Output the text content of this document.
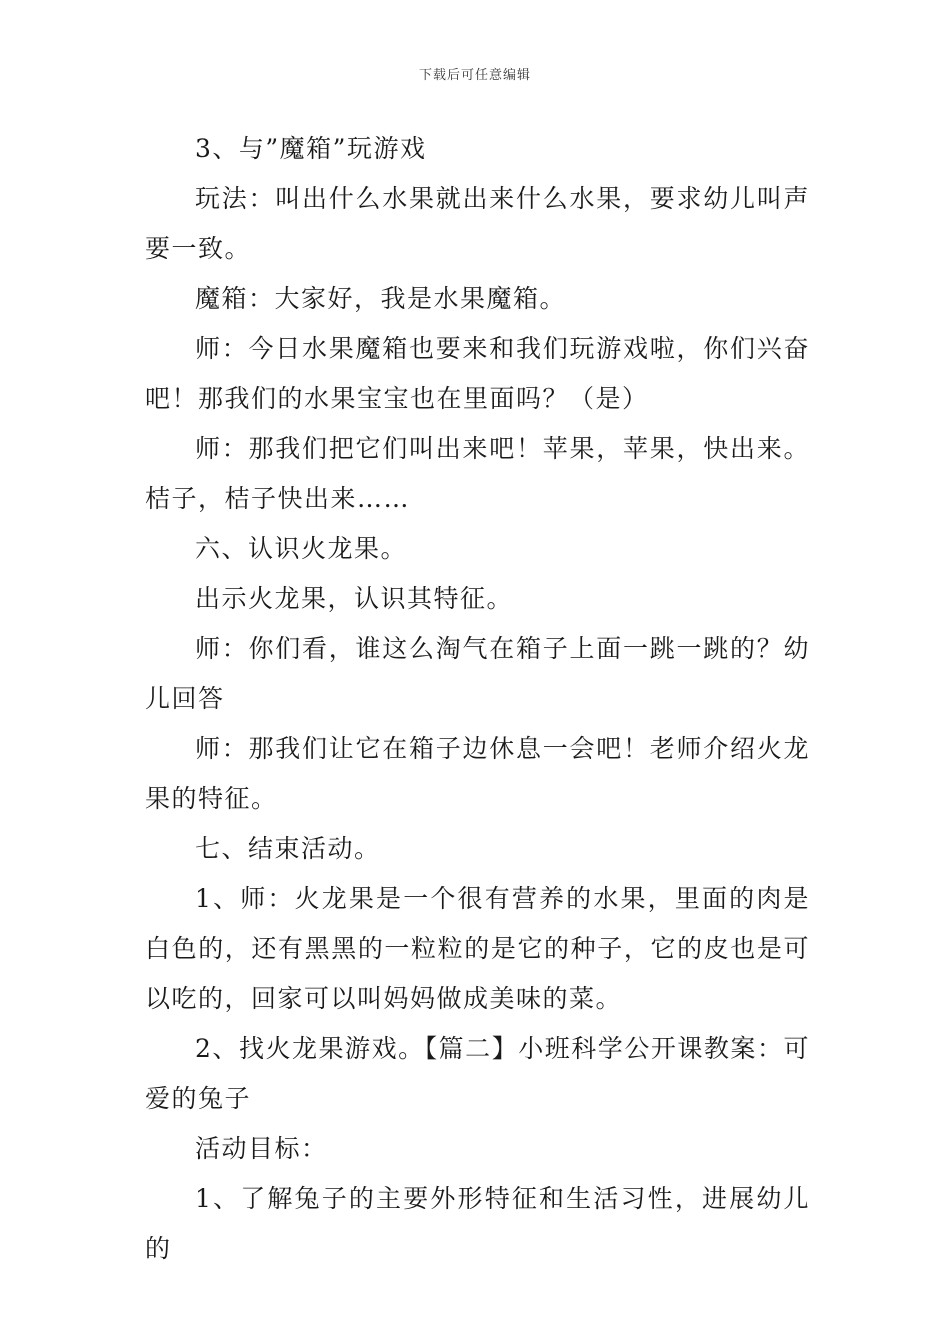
下载后可任意编辑

3、与”魔箱”玩游戏

玩法：叫出什么水果就出来什么水果，要求幼儿叫声要一致。

魔箱：大家好，我是水果魔箱。

师：今日水果魔箱也要来和我们玩游戏啦，你们兴奋吧！那我们的水果宝宝也在里面吗？（是）

师：那我们把它们叫出来吧！苹果，苹果，快出来。桔子，桔子快出来……

六、认识火龙果。

出示火龙果，认识其特征。

师：你们看，谁这么淘气在箱子上面一跳一跳的？幼儿回答

师：那我们让它在箱子边休息一会吧！老师介绍火龙果的特征。

七、结束活动。

1、师：火龙果是一个很有营养的水果，里面的肉是白色的，还有黑黑的一粒粒的是它的种子，它的皮也是可以吃的，回家可以叫妈妈做成美味的菜。

2、找火龙果游戏。【篇二】小班科学公开课教案：可爱的兔子

活动目标：

1、了解兔子的主要外形特征和生活习性，进展幼儿的
